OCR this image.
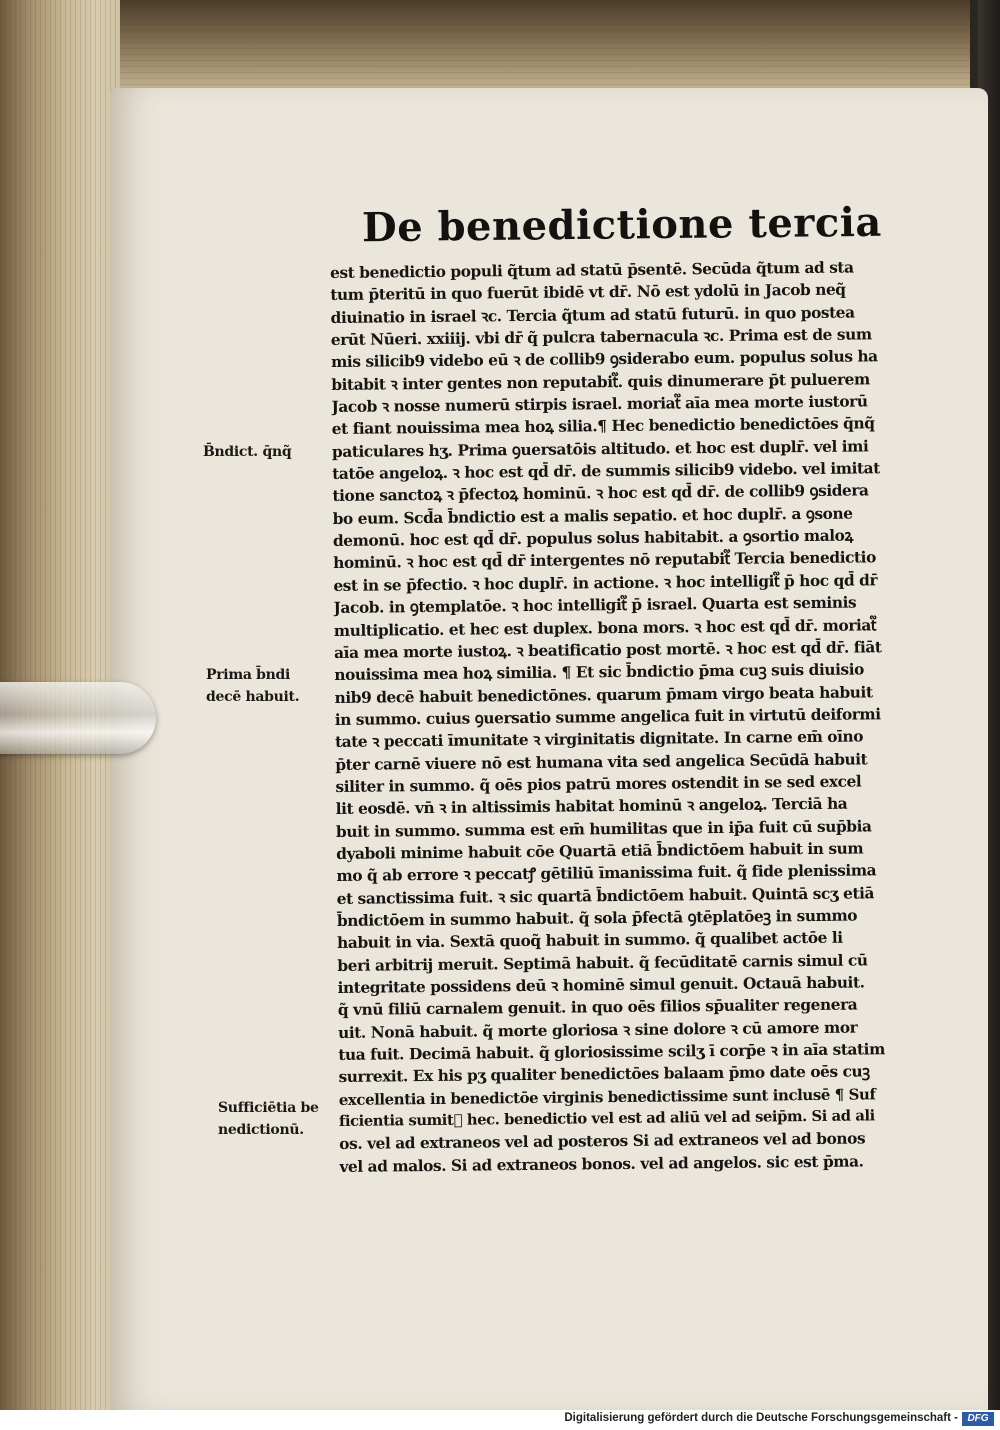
De benedictione tercia
est benedictio populi q̃tum ad statū p̄sentē. Secūda q̃tum ad sta
tum p̄teritū in quo fuerūt ibidē vt dr̄. Nō est ydolū in Jacob neq̃
diuinatio in israel ꝛc. Tercia q̃tum ad statū futurū. in quo postea
erūt Nūeri. xxiiij. vbi dr̄ q̃ pulcra tabernacula ꝛc. Prima est de sum
mis silicib9 videbo eū ꝛ de collib9 ꝯsiderabo eum. populus solus ha
bitabit ꝛ inter gentes non reputabit᷑. quis dinumerare p̄t puluerem
Jacob ꝛ nosse numerū stirpis israel. moriat᷑ aīa mea morte iustorū
et fiant nouissima mea hoꝝ silia.¶ Hec benedictio benedictōes q̄nq̃
paticulares hʒ. Prima ꝯuersatōis altitudo. et hoc est duplr̄. vel imi
tatōe angeloꝝ. ꝛ hoc est qd̄ dr̄. de summis silicib9 videbo. vel imitat
tione sanctoꝝ ꝛ p̄fectoꝝ hominū. ꝛ hoc est qd̄ dr̄. de collib9 ꝯsidera
bo eum. Scd̄a b̄ndictio est a malis sepatio. et hoc duplr̄. a ꝯsone
demonū. hoc est qd̄ dr̄. populus solus habitabit. a ꝯsortio maloꝝ
hominū. ꝛ hoc est qd̄ dr̄ intergentes nō reputabit᷑ Tercia benedictio
est in se p̄fectio. ꝛ hoc duplr̄. in actione. ꝛ hoc intelligit᷑ p̄ hoc qd̄ dr̄
Jacob. in ꝯtemplatōe. ꝛ hoc intelligit᷑ p̄ israel. Quarta est seminis
multiplicatio. et hec est duplex. bona mors. ꝛ hoc est qd̄ dr̄. moriat᷑
aīa mea morte iustoꝝ. ꝛ beatificatio post mortē. ꝛ hoc est qd̄ dr̄. fiāt
nouissima mea hoꝝ similia. ¶ Et sic b̄ndictio p̄ma cuꝫ suis diuisio
nib9 decē habuit benedictōnes. quarum p̄mam virgo beata habuit
in summo. cuius ꝯuersatio summe angelica fuit in virtutū deiformi
tate ꝛ peccati īmunitate ꝛ virginitatis dignitate. In carne em̄ oīno
p̄ter carnē viuere nō est humana vita sed angelica Secūdā habuit
siliter in summo. q̃ oēs pios patrū mores ostendit in se sed excel
lit eosdē. vn̄ ꝛ in altissimis habitat hominū ꝛ angeloꝝ. Terciā ha
buit in summo. summa est em̄ humilitas que in ip̄a fuit cū sup̄bia
dyaboli minime habuit cōe Quartā etiā b̄ndictōem habuit in sum
mo q̃ ab errore ꝛ peccatꝭ gētiliū īmanissima fuit. q̃ fide plenissima
et sanctissima fuit. ꝛ sic quartā b̄ndictōem habuit. Quintā scʒ etiā
b̄ndictōem in summo habuit. q̃ sola p̄fectā ꝯtēplatōeꝫ in summo
habuit in via. Sextā quoq̃ habuit in summo. q̃ qualibet actōe li
beri arbitrij meruit. Septimā habuit. q̃ fecūditatē carnis simul cū
integritate possidens deū ꝛ hominē simul genuit. Octauā habuit.
q̃ vnū filiū carnalem genuit. in quo oēs filios sp̄ualiter regenera
uit. Nonā habuit. q̃ morte gloriosa ꝛ sine dolore ꝛ cū amore mor
tua fuit. Decimā habuit. q̃ gloriosissime scilʒ ī corp̄e ꝛ in aīa statim
surrexit. Ex his pʒ qualiter benedictōes balaam p̄mo date oēs cuꝫ
excellentia in benedictōe virginis benedictissime sunt inclusē ¶ Suf
ficientia sumit᷑ hec. benedictio vel est ad aliū vel ad seip̄m. Si ad ali
os. vel ad extraneos vel ad posteros Si ad extraneos vel ad bonos
vel ad malos. Si ad extraneos bonos. vel ad angelos. sic est p̄ma.
B̄ndict. q̄nq̃
Prima b̄ndi
decē habuit.
Sufficiētia be
nedictionū.
Digitalisierung gefördert durch die Deutsche Forschungsgemeinschaft - DFG
